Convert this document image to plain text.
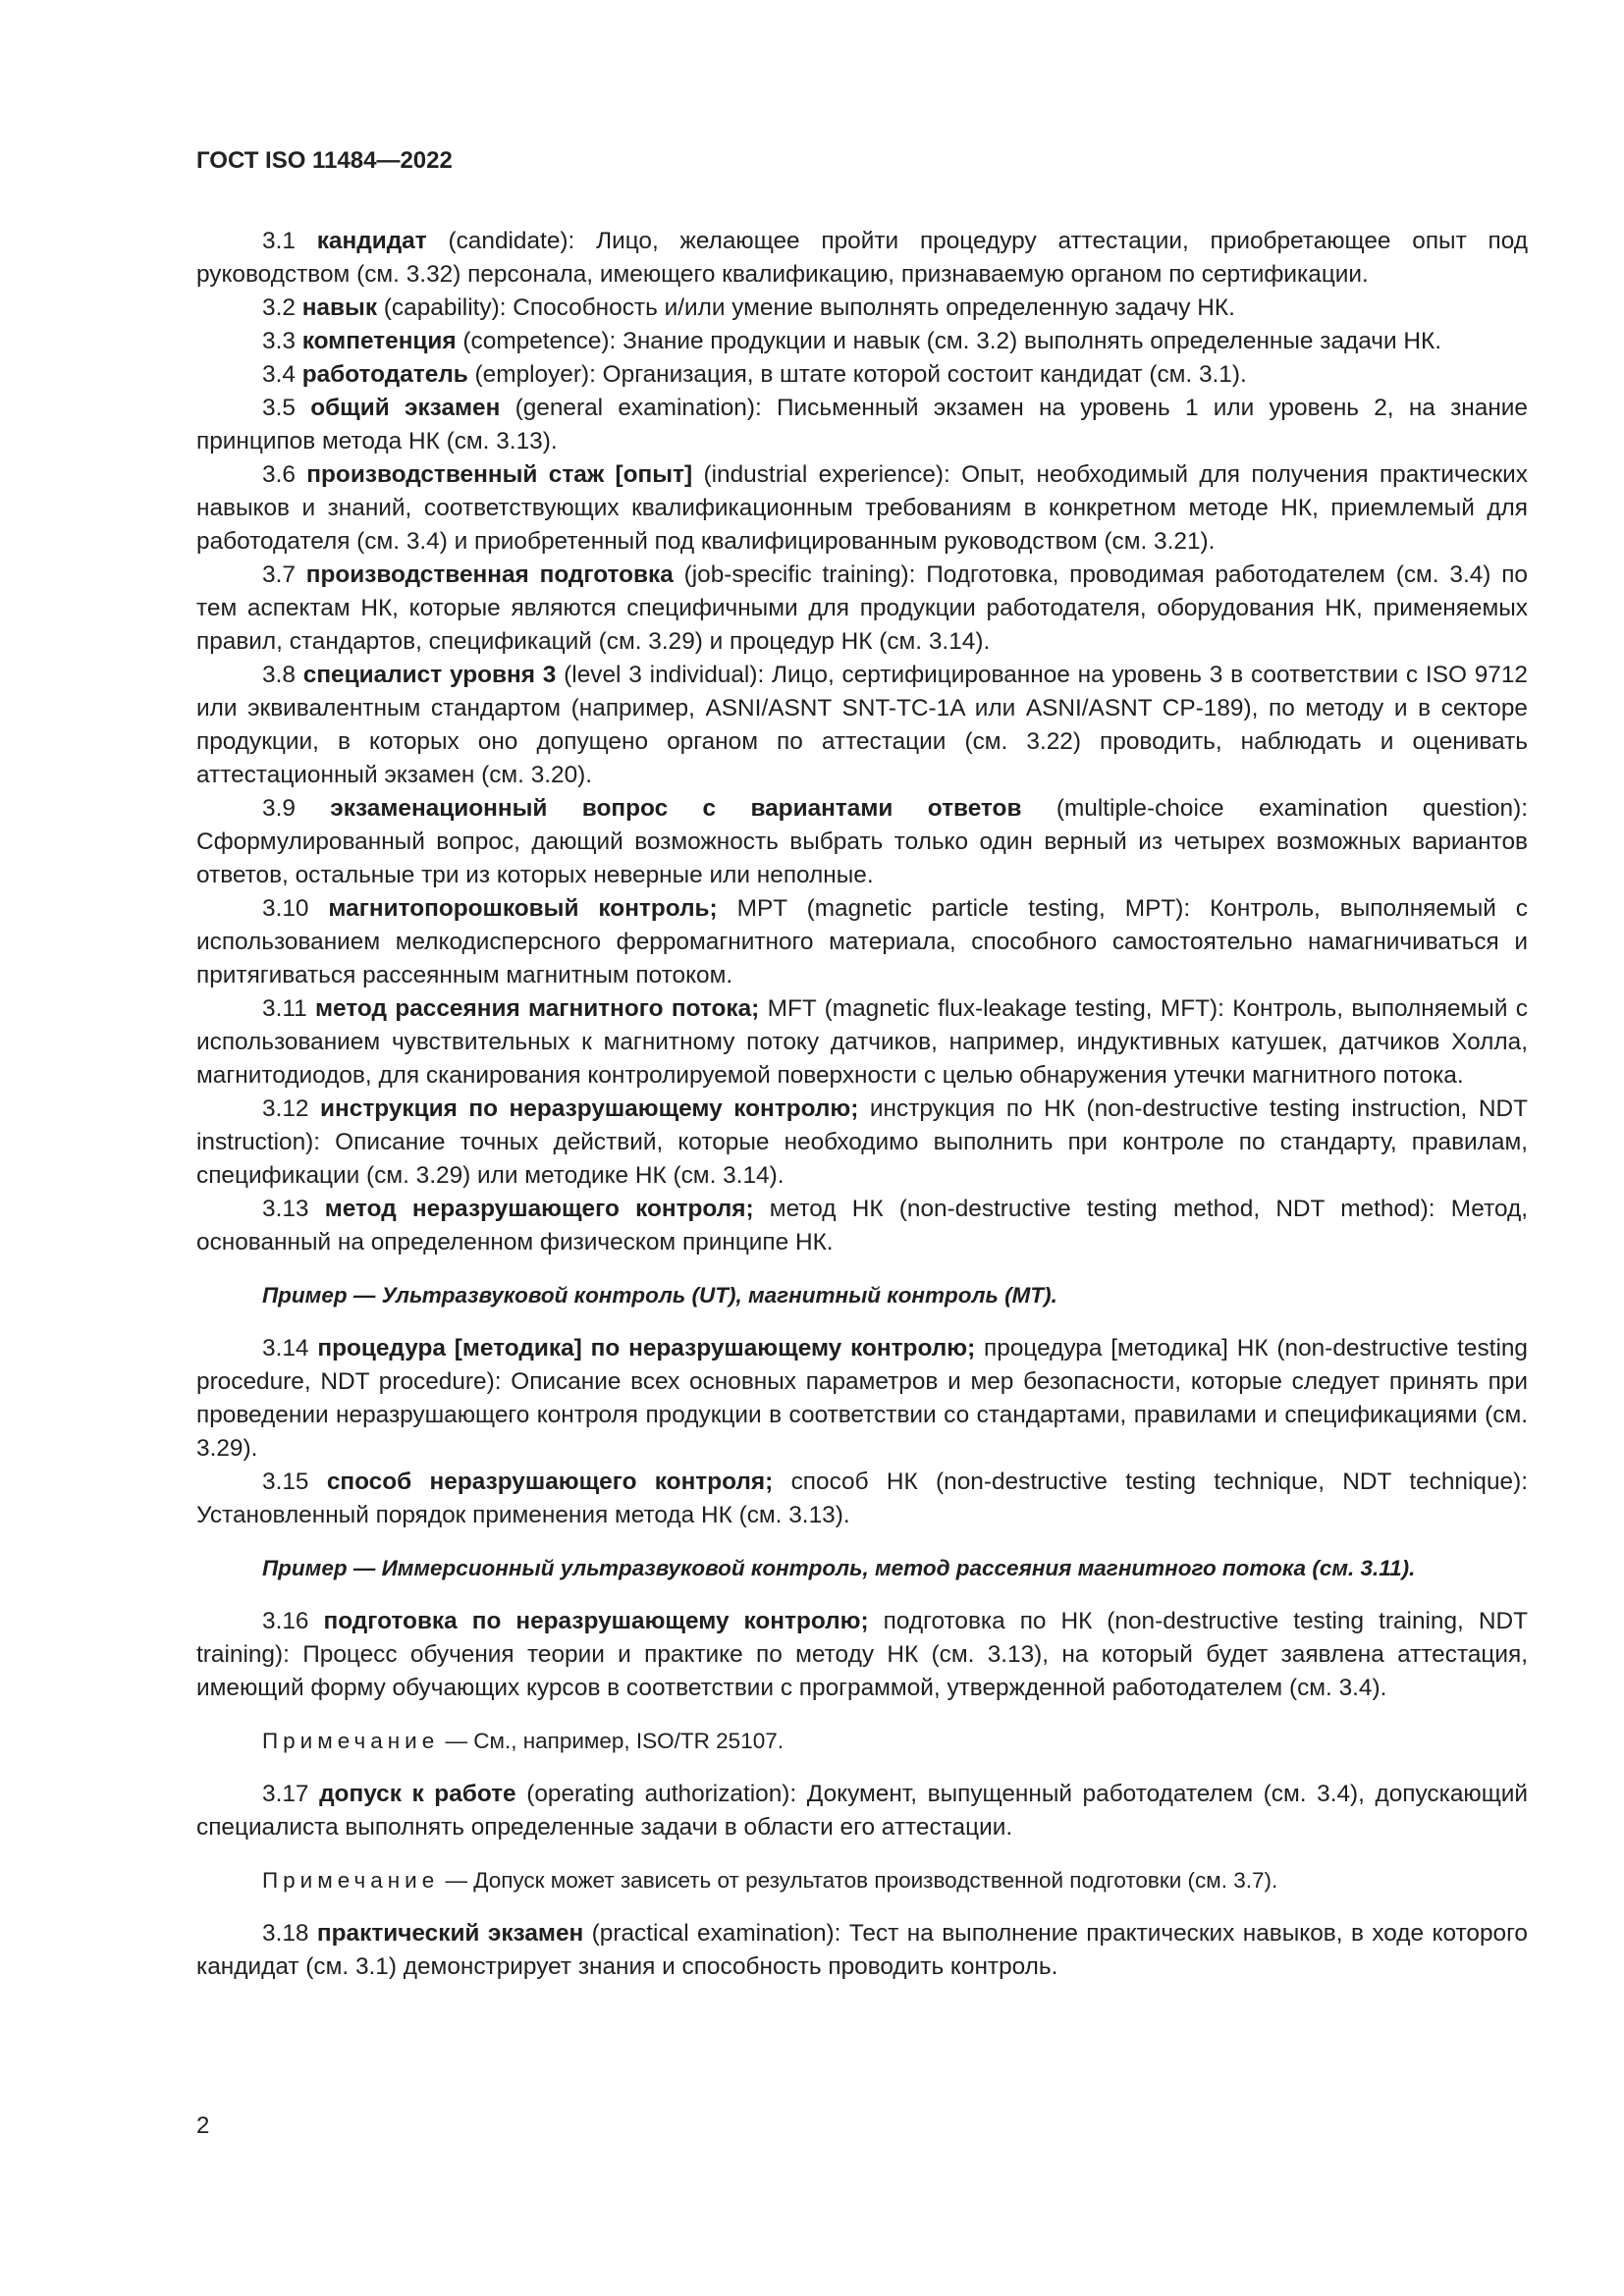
ГОСТ ISO 11484—2022

3.1 кандидат (candidate): Лицо, желающее пройти процедуру аттестации, приобретающее опыт под руководством (см. 3.32) персонала, имеющего квалификацию, признаваемую органом по сертификации.

3.2 навык (capability): Способность и/или умение выполнять определенную задачу НК.

3.3 компетенция (competence): Знание продукции и навык (см. 3.2) выполнять определенные задачи НК.

3.4 работодатель (employer): Организация, в штате которой состоит кандидат (см. 3.1).

3.5 общий экзамен (general examination): Письменный экзамен на уровень 1 или уровень 2, на знание принципов метода НК (см. 3.13).

3.6 производственный стаж [опыт] (industrial experience): Опыт, необходимый для получения практических навыков и знаний, соответствующих квалификационным требованиям в конкретном методе НК, приемлемый для работодателя (см. 3.4) и приобретенный под квалифицированным руководством (см. 3.21).

3.7 производственная подготовка (job-specific training): Подготовка, проводимая работодателем (см. 3.4) по тем аспектам НК, которые являются специфичными для продукции работодателя, оборудования НК, применяемых правил, стандартов, спецификаций (см. 3.29) и процедур НК (см. 3.14).

3.8 специалист уровня 3 (level 3 individual): Лицо, сертифицированное на уровень 3 в соответствии с ISO 9712 или эквивалентным стандартом (например, ASNI/ASNT SNT-TC-1A или ASNI/ASNT CP-189), по методу и в секторе продукции, в которых оно допущено органом по аттестации (см. 3.22) проводить, наблюдать и оценивать аттестационный экзамен (см. 3.20).

3.9 экзаменационный вопрос с вариантами ответов (multiple-choice examination question): Сформулированный вопрос, дающий возможность выбрать только один верный из четырех возможных вариантов ответов, остальные три из которых неверные или неполные.

3.10 магнитопорошковый контроль; MPT (magnetic particle testing, MPT): Контроль, выполняемый с использованием мелкодисперсного ферромагнитного материала, способного самостоятельно намагничиваться и притягиваться рассеянным магнитным потоком.

3.11 метод рассеяния магнитного потока; MFT (magnetic flux-leakage testing, MFT): Контроль, выполняемый с использованием чувствительных к магнитному потоку датчиков, например, индуктивных катушек, датчиков Холла, магнитодиодов, для сканирования контролируемой поверхности с целью обнаружения утечки магнитного потока.

3.12 инструкция по неразрушающему контролю; инструкция по НК (non-destructive testing instruction, NDT instruction): Описание точных действий, которые необходимо выполнить при контроле по стандарту, правилам, спецификации (см. 3.29) или методике НК (см. 3.14).

3.13 метод неразрушающего контроля; метод НК (non-destructive testing method, NDT method): Метод, основанный на определенном физическом принципе НК.

Пример — Ультразвуковой контроль (UT), магнитный контроль (MT).

3.14 процедура [методика] по неразрушающему контролю; процедура [методика] НК (non-destructive testing procedure, NDT procedure): Описание всех основных параметров и мер безопасности, которые следует принять при проведении неразрушающего контроля продукции в соответствии со стандартами, правилами и спецификациями (см. 3.29).

3.15 способ неразрушающего контроля; способ НК (non-destructive testing technique, NDT technique): Установленный порядок применения метода НК (см. 3.13).

Пример — Иммерсионный ультразвуковой контроль, метод рассеяния магнитного потока (см. 3.11).

3.16 подготовка по неразрушающему контролю; подготовка по НК (non-destructive testing training, NDT training): Процесс обучения теории и практике по методу НК (см. 3.13), на который будет заявлена аттестация, имеющий форму обучающих курсов в соответствии с программой, утвержденной работодателем (см. 3.4).

Примечание — См., например, ISO/TR 25107.

3.17 допуск к работе (operating authorization): Документ, выпущенный работодателем (см. 3.4), допускающий специалиста выполнять определенные задачи в области его аттестации.

Примечание — Допуск может зависеть от результатов производственной подготовки (см. 3.7).

3.18 практический экзамен (practical examination): Тест на выполнение практических навыков, в ходе которого кандидат (см. 3.1) демонстрирует знания и способность проводить контроль.

2
